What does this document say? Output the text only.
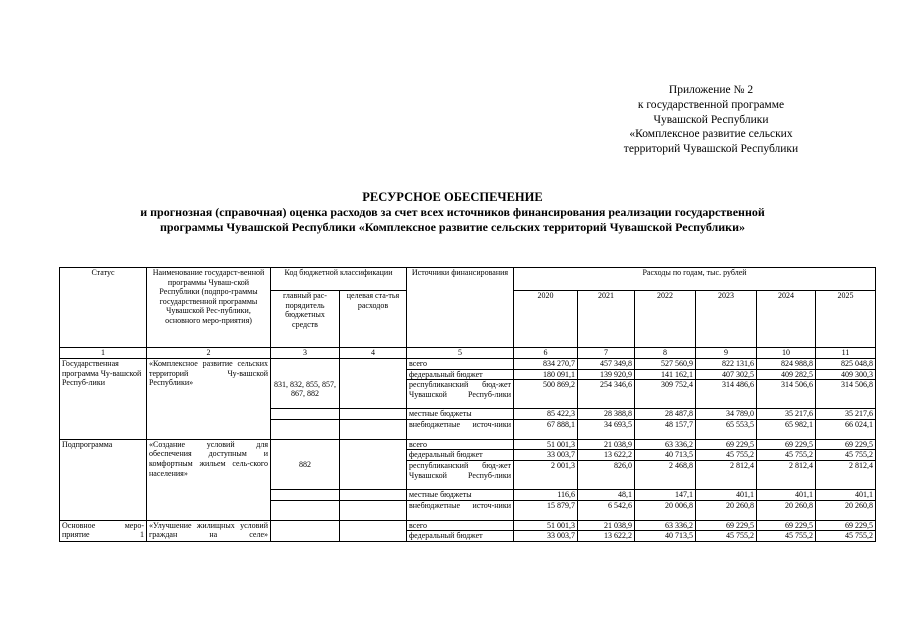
Приложение № 2
к государственной программе
Чувашской Республики
«Комплексное развитие сельских
территорий Чувашской Республики
РЕСУРСНОЕ ОБЕСПЕЧЕНИЕ
и прогнозная (справочная) оценка расходов за счет всех источников финансирования реализации государственной
программы Чувашской Республики «Комплексное развитие сельских территорий Чувашской Республики»
Статус	Наименование государст-венной программы Чуваш-ской Республики (подпро-граммы государственной программы Чувашской Рес-публики, основного меро-приятия)	Код бюджетной классификации		Источники финансирования	Расходы по годам, тыс. рублей					
		главный рас-порядитель бюджетных средств	целевая ста-тья расходов		2020	2021	2022	2023	2024	2025
1	2	3	4	5	6	7	8	9	10	11
Государственная программа Чу-вашской Респуб-лики	«Комплексное развитие сельских территорий Чу-вашской Республики»			всего	834 270,7	457 349,8	527 560,9	822 131,6	824 988,8	825 048,8
				федеральный бюджет	180 091,1	139 920,9	141 162,1	407 302,5	409 282,5	409 300,3
		831, 832, 855, 857, 867, 882		республиканский бюд-жет Чувашской Респуб-лики	500 869,2	254 346,6	309 752,4	314 486,6	314 506,6	314 506,8
				местные бюджеты	85 422,3	28 388,8	28 487,8	34 789,0	35 217,6	35 217,6
				внебюджетные источ-ники	67 888,1	34 693,5	48 157,7	65 553,5	65 982,1	66 024,1
Подпрограмма	«Создание условий для обеспечения доступным и комфортным жильем сель-ского населения»			всего	51 001,3	21 038,9	63 336,2	69 229,5	69 229,5	69 229,5
				федеральный бюджет	33 003,7	13 622,2	40 713,5	45 755,2	45 755,2	45 755,2
		882		республиканский бюд-жет Чувашской Респуб-лики	2 001,3	826,0	2 468,8	2 812,4	2 812,4	2 812,4
				местные бюджеты	116,6	48,1	147,1	401,1	401,1	401,1
				внебюджетные источ-ники	15 879,7	6 542,6	20 006,8	20 260,8	20 260,8	20 260,8
Основное меро-приятие 1	«Улучшение жилищных условий граждан на селе»			всего	51 001,3	21 038,9	63 336,2	69 229,5	69 229,5	69 229,5
				федеральный бюджет	33 003,7	13 622,2	40 713,5	45 755,2	45 755,2	45 755,2
